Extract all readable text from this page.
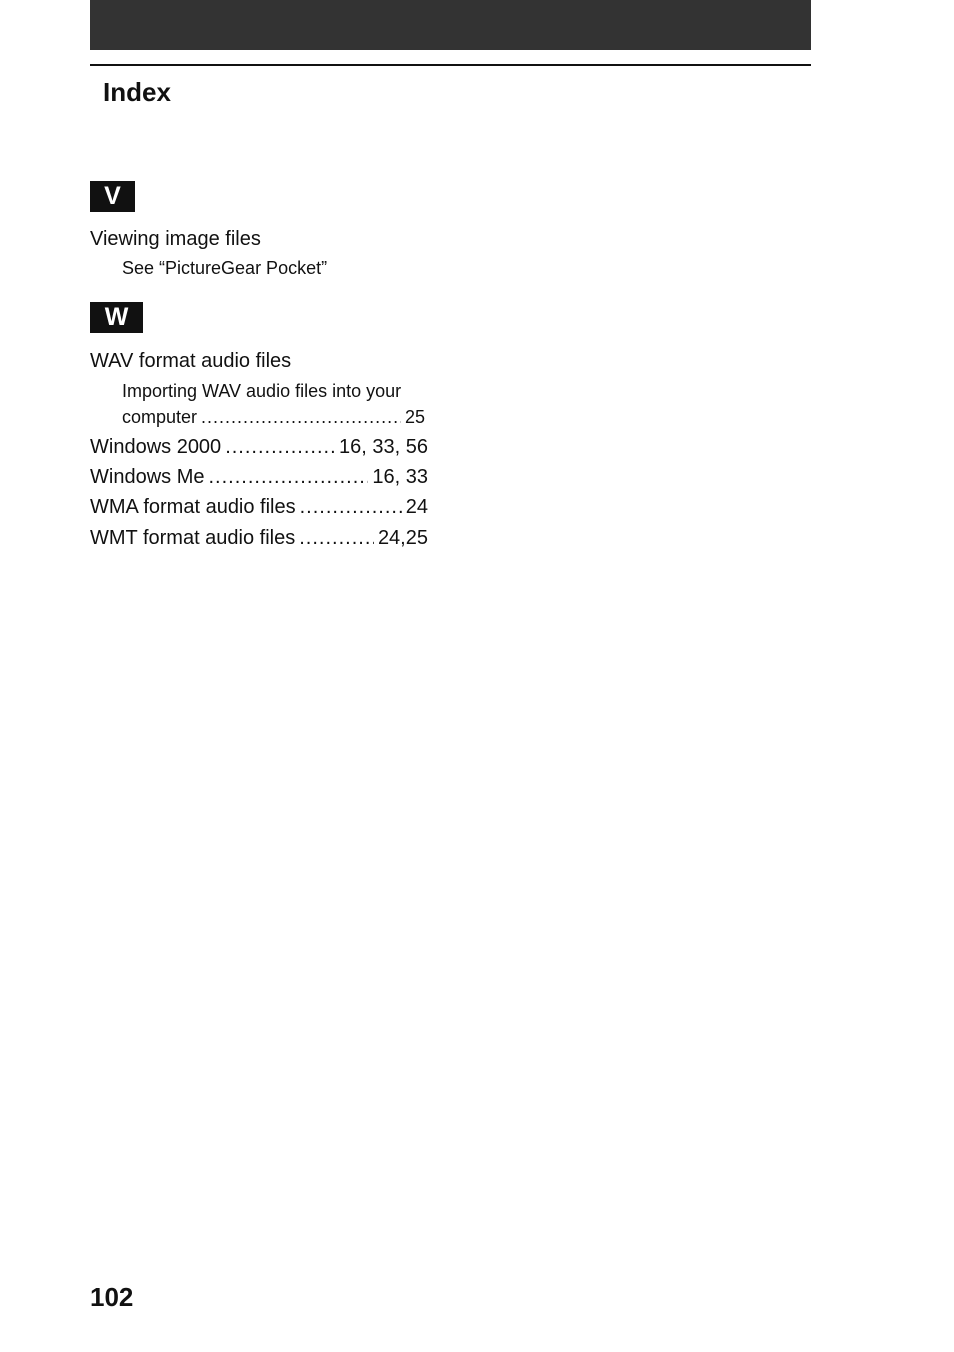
Index
V
Viewing image files
See “PictureGear Pocket”
W
WAV format audio files
Importing WAV audio files into your
computer .....	25
Windows 2000 .....	16, 33, 56
Windows Me .....	16, 33
WMA format audio files .....	24
WMT format audio files .....	24,25
102
